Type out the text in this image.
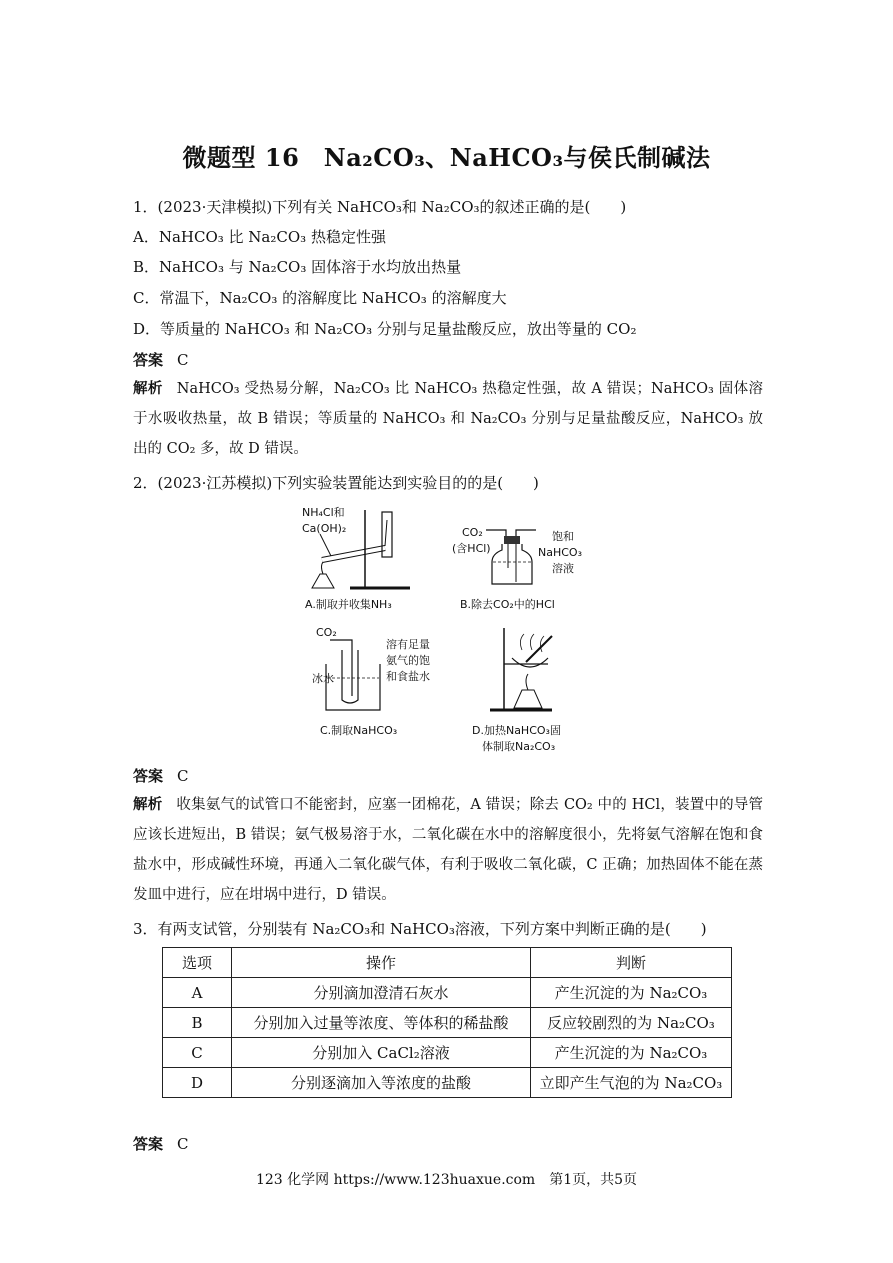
微题型 16　Na₂CO₃、NaHCO₃与侯氏制碱法
1．(2023·天津模拟)下列有关 NaHCO₃和 Na₂CO₃的叙述正确的是(　　)
A．NaHCO₃ 比 Na₂CO₃ 热稳定性强
B．NaHCO₃ 与 Na₂CO₃ 固体溶于水均放出热量
C．常温下，Na₂CO₃ 的溶解度比 NaHCO₃ 的溶解度大
D．等质量的 NaHCO₃ 和 Na₂CO₃ 分别与足量盐酸反应，放出等量的 CO₂
答案 C
解析 NaHCO₃ 受热易分解，Na₂CO₃ 比 NaHCO₃ 热稳定性强，故 A 错误；NaHCO₃ 固体溶于水吸收热量，故 B 错误；等质量的 NaHCO₃ 和 Na₂CO₃ 分别与足量盐酸反应，NaHCO₃ 放出的 CO₂ 多，故 D 错误。
2．(2023·江苏模拟)下列实验装置能达到实验目的的是(　　)
NH₄Cl和
Ca(OH)₂
A.制取并收集NH₃
CO₂
(含HCl)
饱和
NaHCO₃
溶液
B.除去CO₂中的HCl
CO₂
冰水
溶有足量
氨气的饱
和食盐水
C.制取NaHCO₃	D.加热NaHCO₃固
体制取Na₂CO₃
答案 C
解析 收集氨气的试管口不能密封，应塞一团棉花，A 错误；除去 CO₂ 中的 HCl，装置中的导管应该长进短出，B 错误；氨气极易溶于水，二氧化碳在水中的溶解度很小，先将氨气溶解在饱和食盐水中，形成碱性环境，再通入二氧化碳气体，有利于吸收二氧化碳，C 正确；加热固体不能在蒸发皿中进行，应在坩埚中进行，D 错误。
3．有两支试管，分别装有 Na₂CO₃和 NaHCO₃溶液，下列方案中判断正确的是(　　)
选项	操作	判断
A	分别滴加澄清石灰水	产生沉淀的为 Na₂CO₃
B	分别加入过量等浓度、等体积的稀盐酸	反应较剧烈的为 Na₂CO₃
C	分别加入 CaCl₂溶液	产生沉淀的为 Na₂CO₃
D	分别逐滴加入等浓度的盐酸	立即产生气泡的为 Na₂CO₃
答案 C
123 化学网 https://www.123huaxue.com　第1页，共5页
